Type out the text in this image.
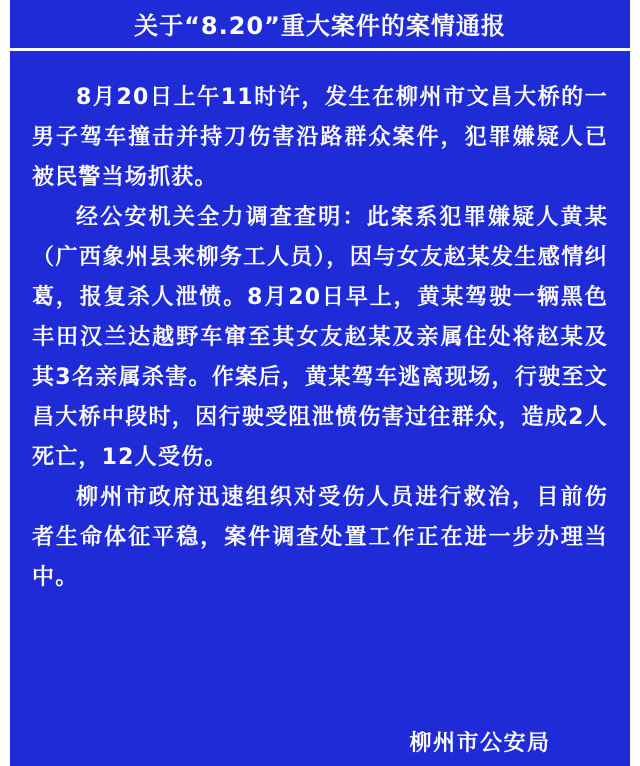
关于“8.20”重大案件的案情通报

8月20日上午11时许，发生在柳州市文昌大桥的一男子驾车撞击并持刀伤害沿路群众案件，犯罪嫌疑人已被民警当场抓获。

经公安机关全力调查查明：此案系犯罪嫌疑人黄某（广西象州县来柳务工人员），因与女友赵某发生感情纠葛，报复杀人泄愤。8月20日早上，黄某驾驶一辆黑色丰田汉兰达越野车窜至其女友赵某及亲属住处将赵某及其3名亲属杀害。作案后，黄某驾车逃离现场，行驶至文昌大桥中段时，因行驶受阻泄愤伤害过往群众，造成2人死亡，12人受伤。

柳州市政府迅速组织对受伤人员进行救治，目前伤者生命体征平稳，案件调查处置工作正在进一步办理当中。

柳州市公安局
